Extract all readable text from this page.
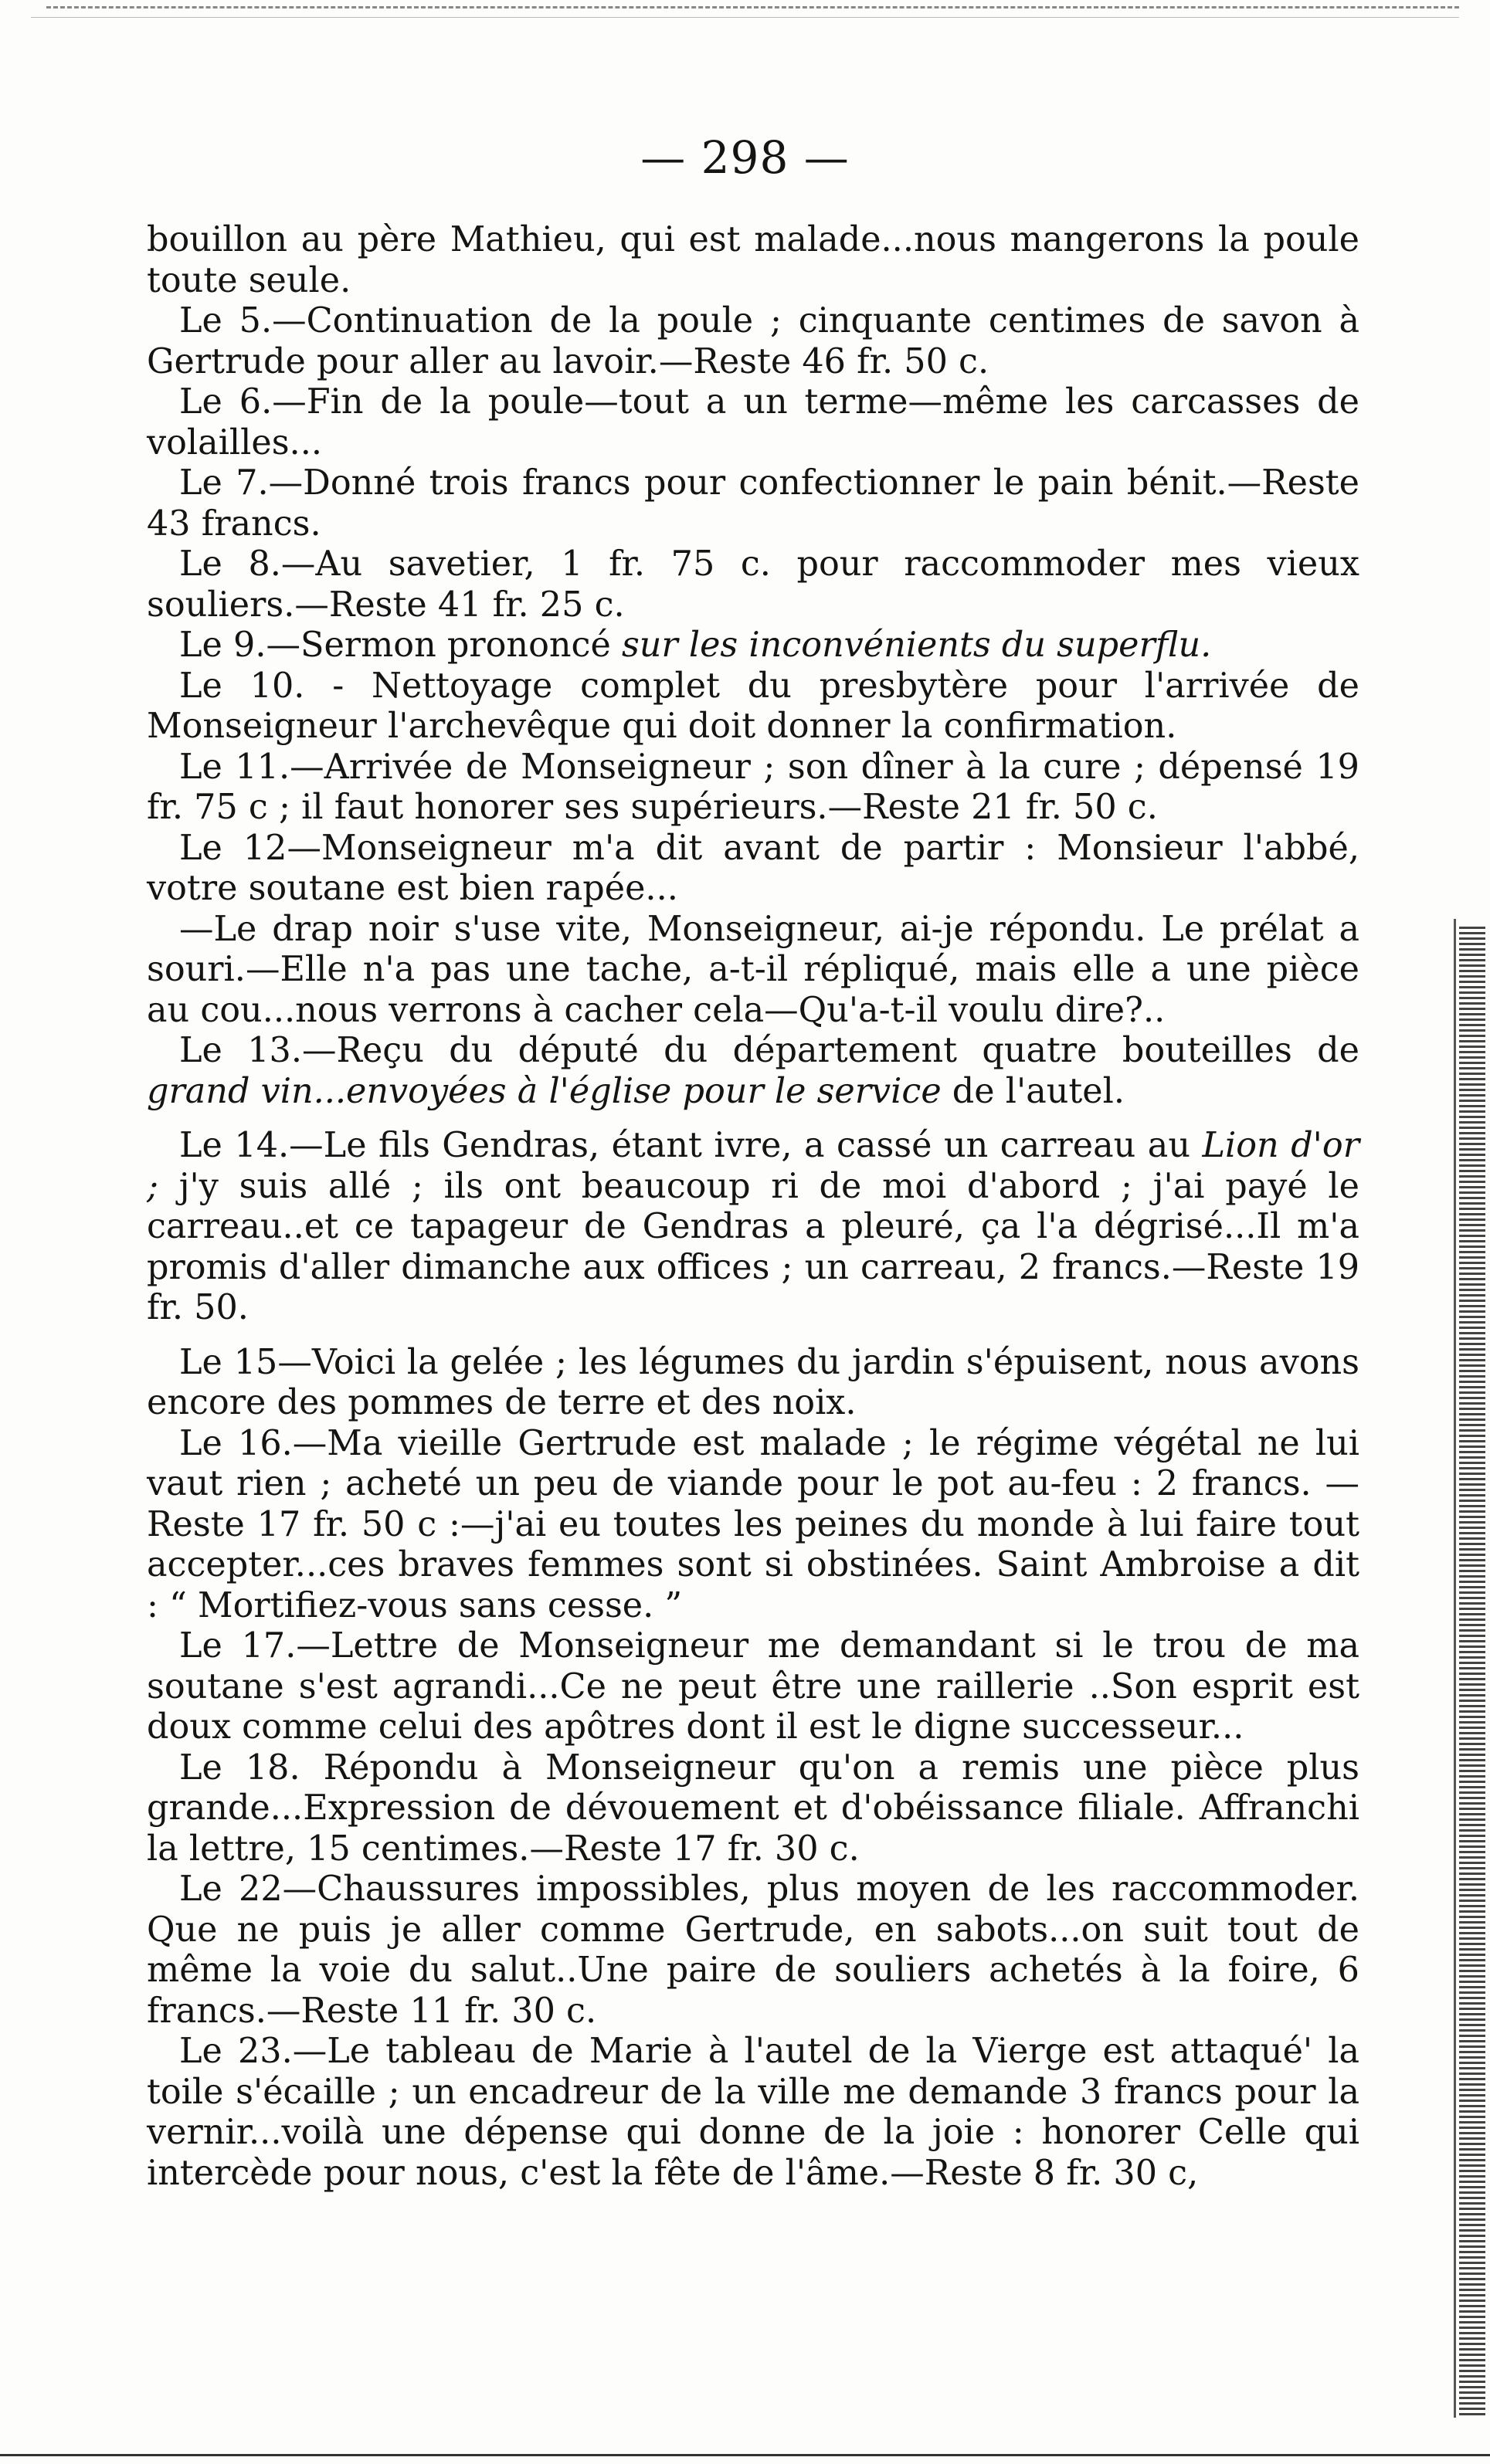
— 298 —

bouillon au père Mathieu, qui est malade...nous mangerons la poule toute seule.

Le 5.—Continuation de la poule ; cinquante centimes de savon à Gertrude pour aller au lavoir.—Reste 46 fr. 50 c.

Le 6.—Fin de la poule—tout a un terme—même les carcasses de volailles...

Le 7.—Donné trois francs pour confectionner le pain bénit.—Reste 43 francs.

Le 8.—Au savetier, 1 fr. 75 c. pour raccommoder mes vieux souliers.—Reste 41 fr. 25 c.

Le 9.—Sermon prononcé sur les inconvénients du superflu.

Le 10. - Nettoyage complet du presbytère pour l'arrivée de Monseigneur l'archevêque qui doit donner la confirmation.

Le 11.—Arrivée de Monseigneur ; son dîner à la cure ; dépensé 19 fr. 75 c ; il faut honorer ses supérieurs.—Reste 21 fr. 50 c.

Le 12—Monseigneur m'a dit avant de partir : Monsieur l'abbé, votre soutane est bien rapée...

—Le drap noir s'use vite, Monseigneur, ai-je répondu. Le prélat a souri.—Elle n'a pas une tache, a-t-il répliqué, mais elle a une pièce au cou...nous verrons à cacher cela—Qu'a-t-il voulu dire?..

Le 13.—Reçu du député du département quatre bouteilles de grand vin...envoyées à l'église pour le service de l'autel.

Le 14.—Le fils Gendras, étant ivre, a cassé un carreau au Lion d'or ; j'y suis allé ; ils ont beaucoup ri de moi d'abord ; j'ai payé le carreau..et ce tapageur de Gendras a pleuré, ça l'a dégrisé...Il m'a promis d'aller dimanche aux offices ; un carreau, 2 francs.—Reste 19 fr. 50.

Le 15—Voici la gelée ; les légumes du jardin s'épuisent, nous avons encore des pommes de terre et des noix.

Le 16.—Ma vieille Gertrude est malade ; le régime végétal ne lui vaut rien ; acheté un peu de viande pour le pot au-feu : 2 francs. —Reste 17 fr. 50 c :—j'ai eu toutes les peines du monde à lui faire tout accepter...ces braves femmes sont si obstinées. Saint Ambroise a dit : “ Mortifiez-vous sans cesse. ”

Le 17.—Lettre de Monseigneur me demandant si le trou de ma soutane s'est agrandi...Ce ne peut être une raillerie ..Son esprit est doux comme celui des apôtres dont il est le digne successeur...

Le 18. Répondu à Monseigneur qu'on a remis une pièce plus grande...Expression de dévouement et d'obéissance filiale. Affranchi la lettre, 15 centimes.—Reste 17 fr. 30 c.

Le 22—Chaussures impossibles, plus moyen de les raccommoder. Que ne puis je aller comme Gertrude, en sabots...on suit tout de même la voie du salut..Une paire de souliers achetés à la foire, 6 francs.—Reste 11 fr. 30 c.

Le 23.—Le tableau de Marie à l'autel de la Vierge est attaqué' la toile s'écaille ; un encadreur de la ville me demande 3 francs pour la vernir...voilà une dépense qui donne de la joie : honorer Celle qui intercède pour nous, c'est la fête de l'âme.—Reste 8 fr. 30 c,
